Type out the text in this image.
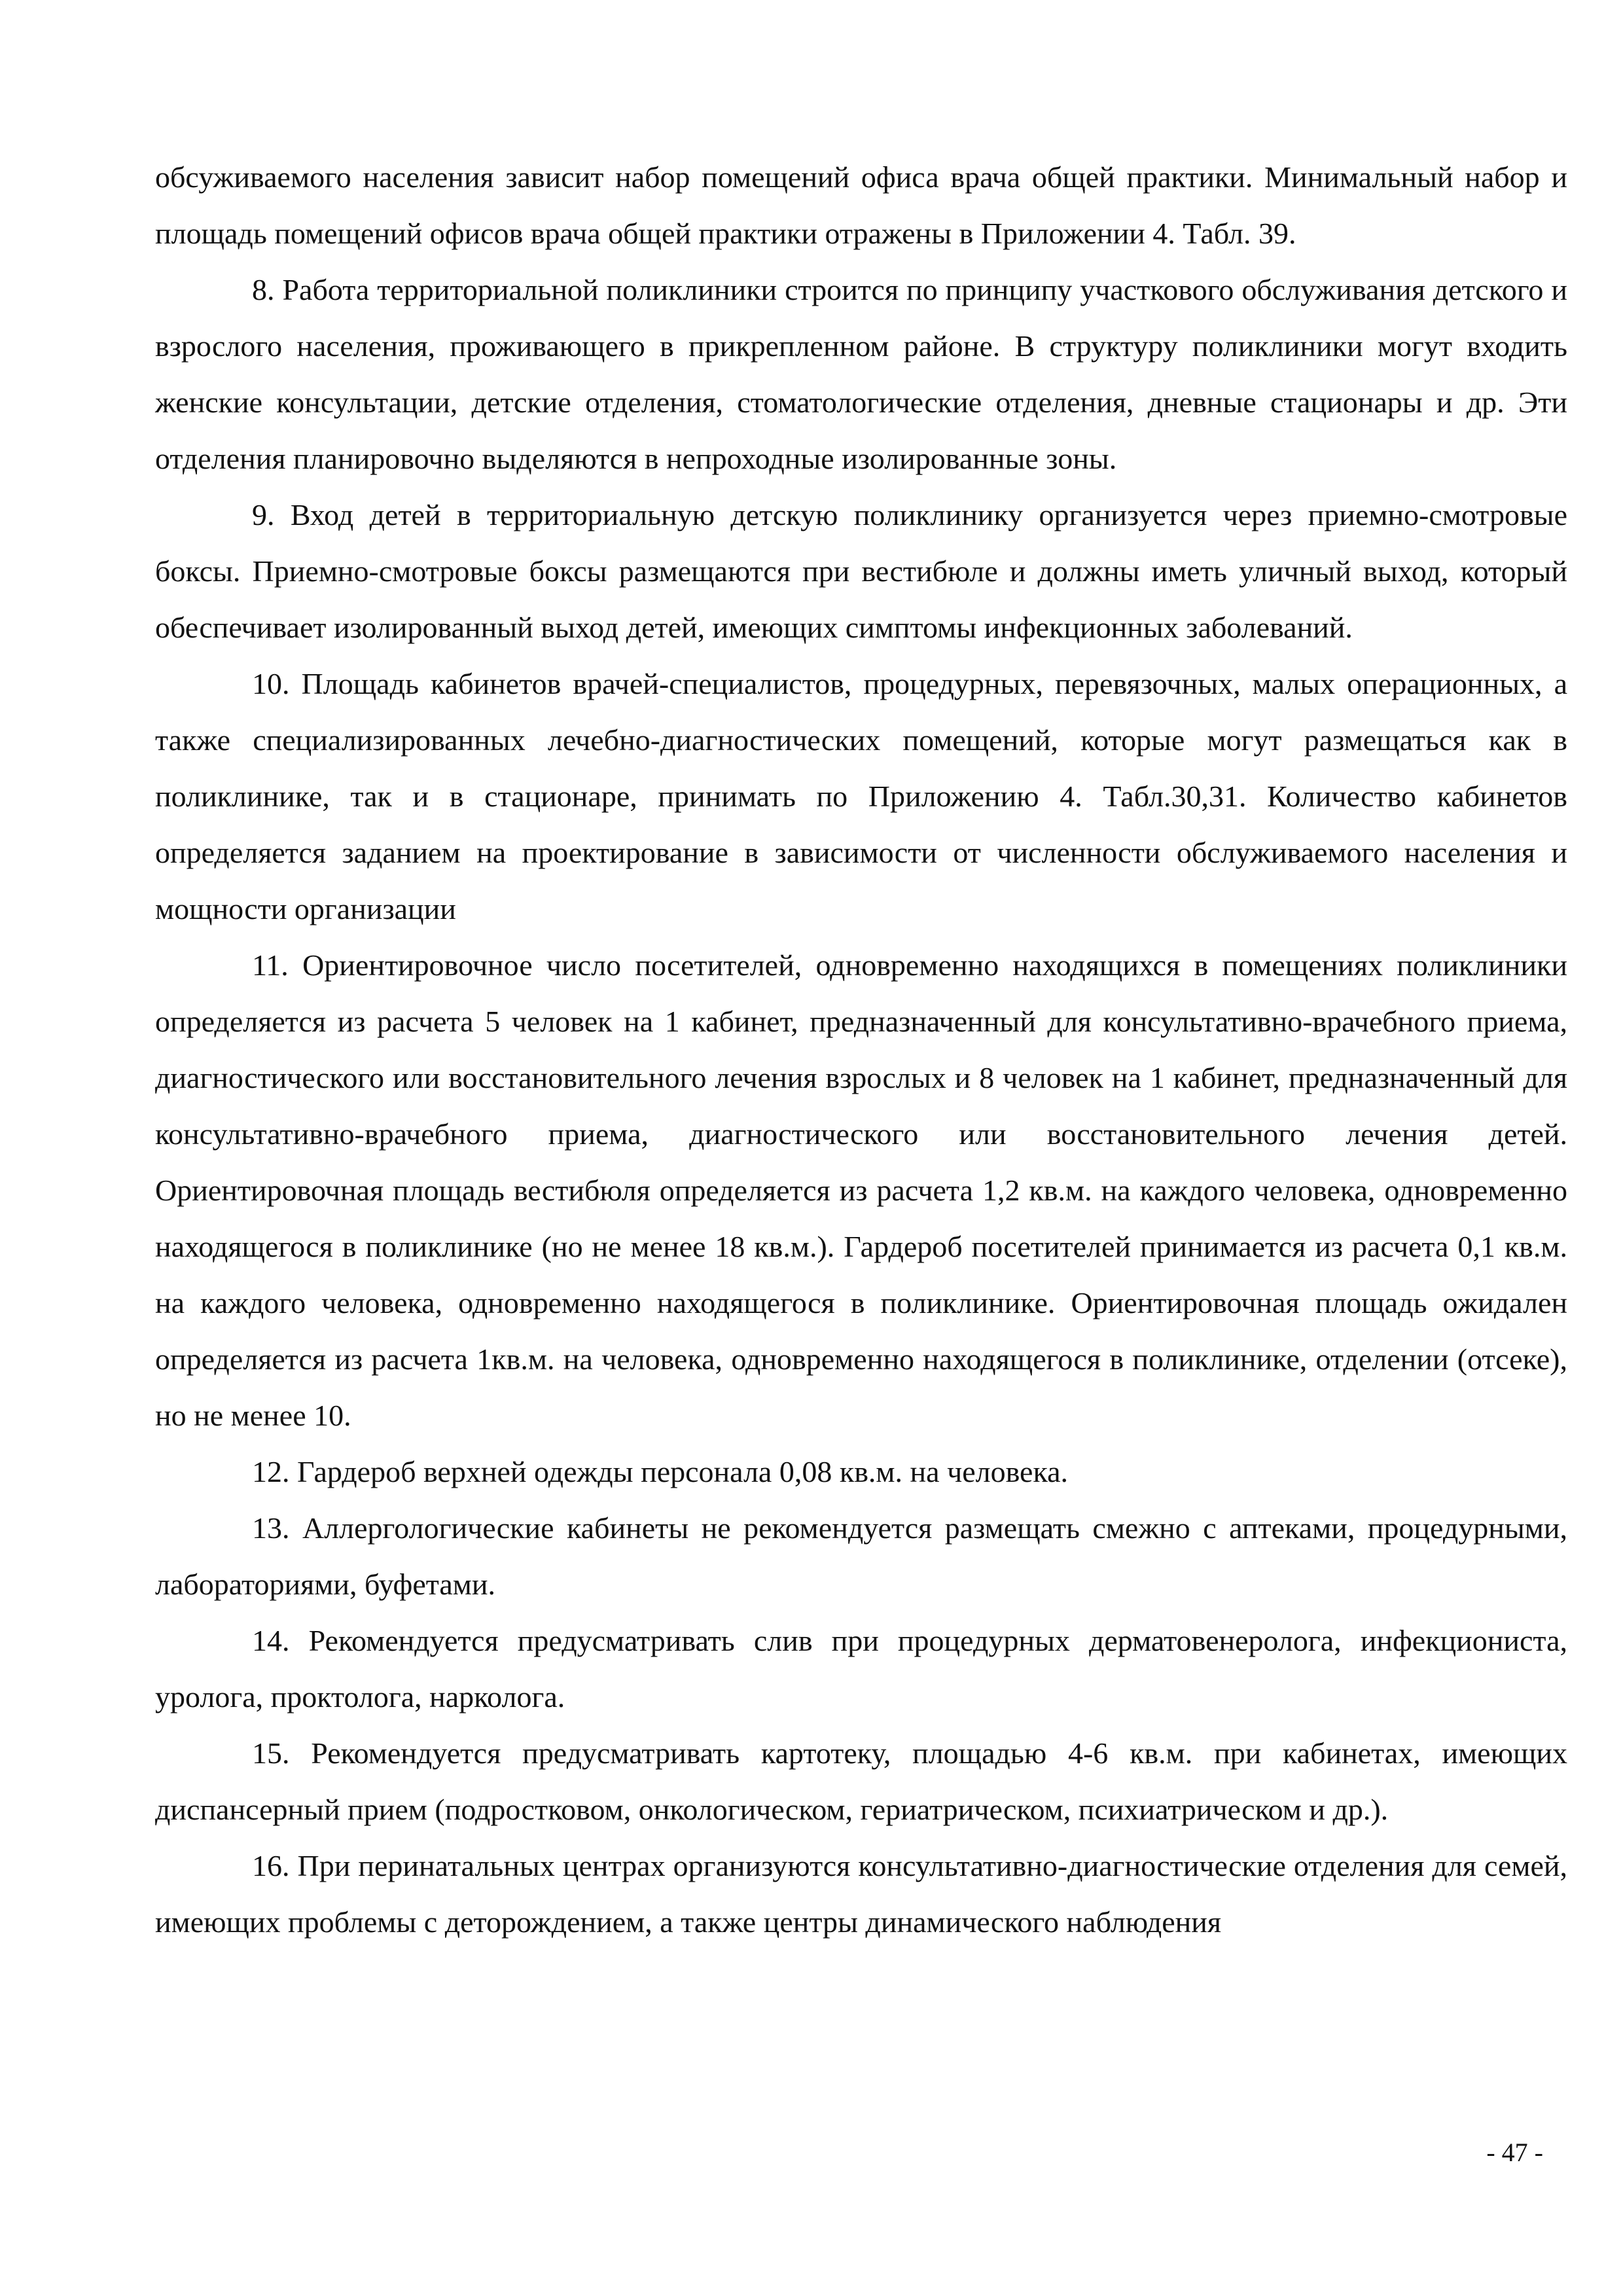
обсуживаемого населения зависит набор помещений офиса врача общей практики. Минимальный набор и площадь помещений офисов врача общей практики отражены в Приложении 4. Табл. 39.

8. Работа территориальной поликлиники строится по принципу участкового обслуживания детского и взрослого населения, проживающего в прикрепленном районе. В структуру поликлиники могут входить женские консультации, детские отделения, стоматологические отделения, дневные стационары и др. Эти отделения планировочно выделяются в непроходные изолированные зоны.

9. Вход детей в территориальную детскую поликлинику организуется через приемно-смотровые боксы. Приемно-смотровые боксы размещаются при вестибюле и должны иметь уличный выход, который обеспечивает изолированный выход детей, имеющих симптомы инфекционных заболеваний.

10. Площадь кабинетов врачей-специалистов, процедурных, перевязочных, малых операционных, а также специализированных лечебно-диагностических помещений, которые могут размещаться как в поликлинике, так и в стационаре, принимать по Приложению 4. Табл.30,31. Количество кабинетов определяется заданием на проектирование в зависимости от численности обслуживаемого населения и мощности организации

11. Ориентировочное число посетителей, одновременно находящихся в помещениях поликлиники определяется из расчета 5 человек на 1 кабинет, предназначенный для консультативно-врачебного приема, диагностического или восстановительного лечения взрослых и 8 человек на 1 кабинет, предназначенный для консультативно-врачебного приема, диагностического или восстановительного лечения детей. Ориентировочная площадь вестибюля определяется из расчета 1,2 кв.м. на каждого человека, одновременно находящегося в поликлинике (но не менее 18 кв.м.). Гардероб посетителей принимается из расчета 0,1 кв.м. на каждого человека, одновременно находящегося в поликлинике. Ориентировочная площадь ожидален определяется из расчета 1кв.м. на человека, одновременно находящегося в поликлинике, отделении (отсеке), но не менее 10.

12. Гардероб верхней одежды персонала 0,08 кв.м. на человека.

13. Аллергологические кабинеты не рекомендуется размещать смежно с аптеками, процедурными, лабораториями, буфетами.

14. Рекомендуется предусматривать слив при процедурных дерматовенеролога, инфекциониста, уролога, проктолога, нарколога.

15. Рекомендуется предусматривать картотеку, площадью 4-6 кв.м. при кабинетах, имеющих диспансерный прием (подростковом, онкологическом, гериатрическом, психиатрическом и др.).

16. При перинатальных центрах организуются консультативно-диагностические отделения для семей, имеющих проблемы с деторождением, а также центры динамического наблюдения

- 47 -
